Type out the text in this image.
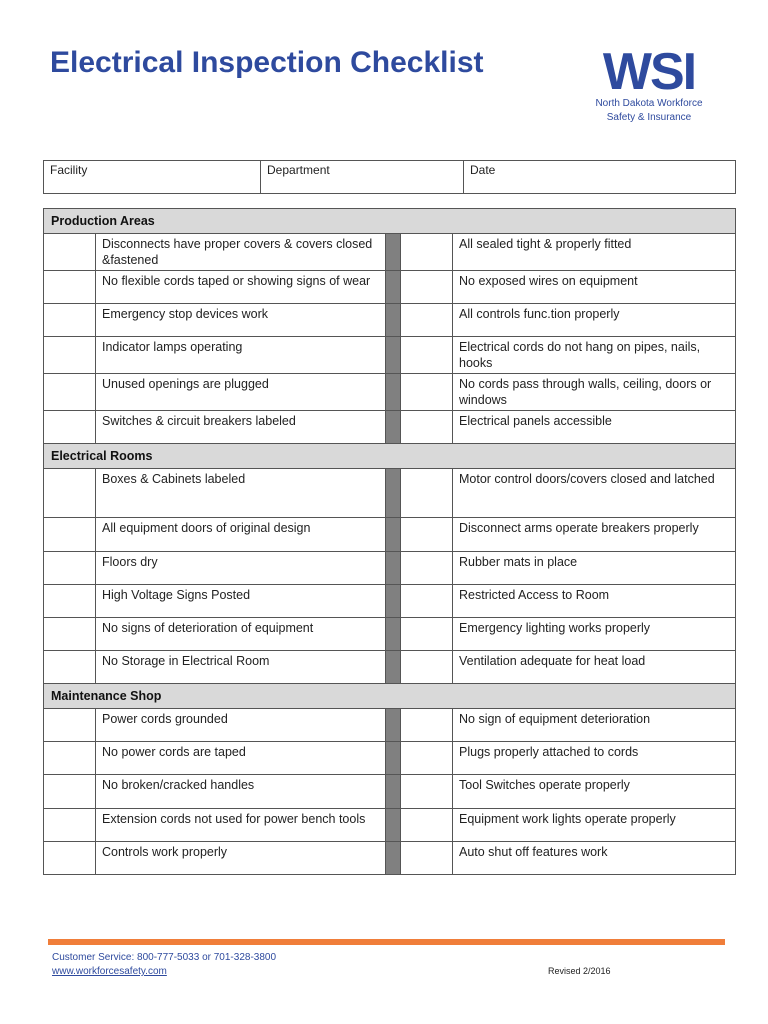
Electrical Inspection Checklist	WSI
North Dakota Workforce
Safety & Insurance
Facility	Department	Date
Production Areas				
	Disconnects have proper covers & covers closed &fastened			All sealed tight & properly fitted
	No flexible cords taped or showing signs of wear			No exposed wires on equipment
	Emergency stop devices work			All controls func.tion properly
	Indicator lamps operating			Electrical cords do not hang on pipes, nails, hooks
	Unused openings are plugged			No cords pass through walls, ceiling, doors or windows
	Switches & circuit breakers labeled			Electrical panels accessible
Electrical Rooms				
	Boxes & Cabinets labeled			Motor control doors/covers closed and latched
	All equipment doors of original design			Disconnect arms operate breakers properly
	Floors dry			Rubber mats in place
	High Voltage Signs Posted			Restricted Access to Room
	No signs of deterioration of equipment			Emergency lighting works properly
	No Storage in Electrical Room			Ventilation adequate for heat load
Maintenance Shop				
	Power cords grounded			No sign of equipment deterioration
	No power cords are taped			Plugs properly attached to cords
	No broken/cracked handles			Tool Switches operate properly
	Extension cords not used for power bench tools			Equipment work lights operate properly
	Controls work properly			Auto shut off features work
Customer Service: 800-777-5033 or 701-328-3800
www.workforcesafety.com	Revised 2/2016
